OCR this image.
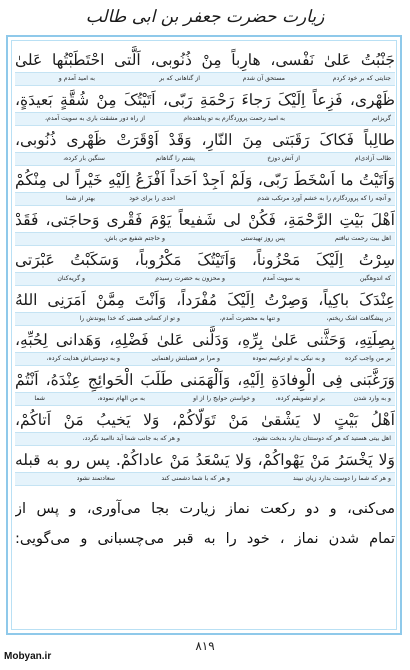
زیارت حضرت جعفر بن ابی طالب
جَنْبُتُ عَلىٰ نَفْسی، هارِباً مِنْ ذُنُوبی، اَلَّتی احْتَطَبْتُها عَلىٰ
جنایتی که بر خود کردم
مستحق آن شدم
از گناهانی که بر
به امید آمدم و
ظَهْری، فَزِعاً اِلَیْکَ رَجاءَ رَحْمَةِ رَبّی، اَتَیْتُکَ مِنْ شُقَّةٍ بَعیدَةٍ،
گریزانم
به امید رحمت پروردگارم به تو پناهنده‌ام
از راه دور مشقت باری به سویت آمدم،
طالِباً فَکاکَ رَقَبَتی مِنَ النّارِ، وَقَدْ اَوْقَرَتْ ظَهْری ذُنُوبی،
طالب آزادی‌ام
از آتش دوزخ
پشتم را گناهانم
سنگین بار کرده،
وَاَتَیْتُ ما اَسْخَطَ رَبّی، وَلَمْ اَجِدْ اَحَداً اَفْزَعُ اِلَیْهِ خَیْراً لی مِنْکُمْ
و آنچه را که پروردگارم را به خشم آورد مرتکب شدم
احدی را برای خود
بهتر از شما
اَهْلَ بَیْتِ الرَّحْمَةِ، فَکُنْ لی شَفیعاً یَوْمَ فَقْری وَحاجَتی، فَقَدْ
اهل بیت رحمت نیافتم
پس روز تهیدستی
و حاجتم شفیع من باش،
سِرْتُ اِلَیْکَ مَحْزُوناً، وَاَتَیْتُکَ مَکْرُوباً، وَسَکَبْتُ عَبْرَتی
که اندوهگین
به سویت آمدم
و محزون به حضرت رسیدم
و گریه‌کنان
عِنْدَکَ باکِیاً، وَصِرْتُ اِلَیْکَ مُفْرَداً، وَاَنْتَ مِمَّنْ اَمَرَنِی اللهُ
در پیشگاهت اشک ریختم،
و تنها به محضرت آمدم،
و تو از کسانی هستی که خدا پیوندش را
بِصِلَتِهِ، وَحَثَّنی عَلیٰ بِرِّهِ، وَدَلَّنی عَلیٰ فَضْلِهِ، وَهَدانی لِحُبِّهِ،
بر من واجب کرده
و به نیکی به او ترغیبم نموده
و مرا بر فضیلتش راهنمایی
و به دوستی‌اش هدایت کرده،
وَرَغَّبَنی فِی الْوِفادَةِ اِلَیْهِ، وَاَلْهَمَنی طَلَبَ الْحَوائِجِ عِنْدَهُ، اَنْتُمْ
و به وارد شدن
بر او تشویقم کرده،
و خواستن حوایج را از او
به من الهام نموده،
شما
اَهْلُ بَیْتٍ لا یَشْقیٰ مَنْ تَوَلّاکُمْ، وَلا یَخیبُ مَنْ اَتاکُمْ،
اهل بیتی هستید که هر که دوستتان بدارد بدبخت نشود،
و هر که به جانب شما آید ناامید نگردد،
وَلا یَخْسَرُ مَنْ یَهْواکُمْ، وَلا یَسْعَدُ مَنْ عاداکُمْ. پس رو به قبله
و هر که شما را دوست بدارد زیان نبیند
و هر که با شما دشمنی کند
سعادتمند نشود
می‌کنی، و دو رکعت نماز زیارت بجا می‌آوری، و پس از
تمام شدن نماز ، خود را به قبر می‌چسبانی و می‌گویی:
۸۱۹
Mobyan.ir
